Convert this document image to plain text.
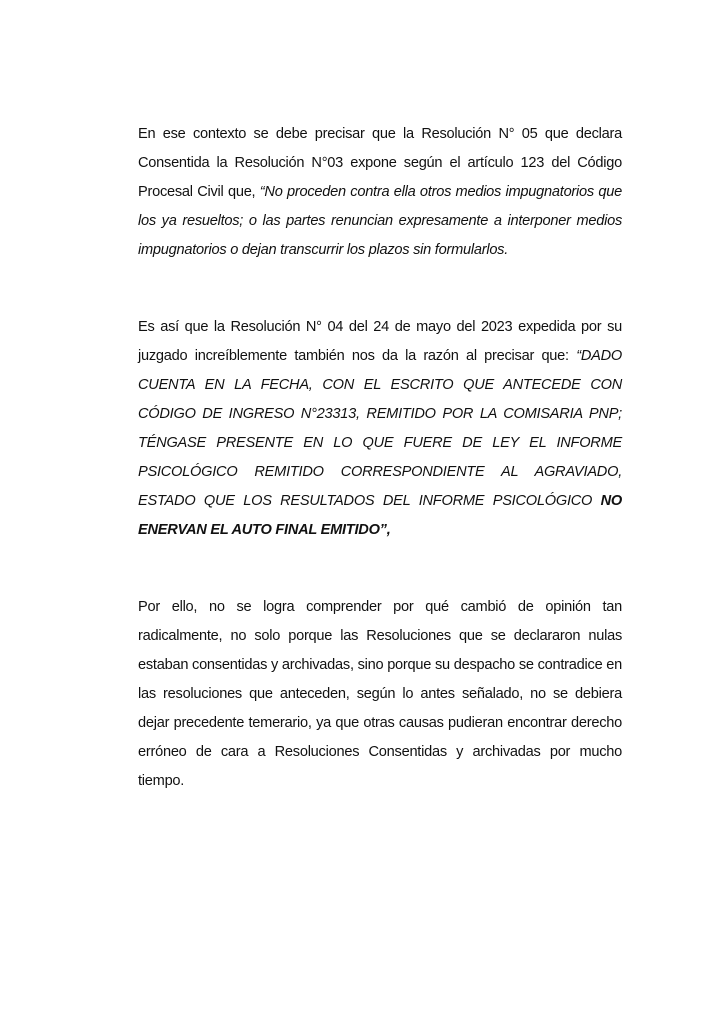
En ese contexto se debe precisar que la Resolución N° 05 que declara Consentida la Resolución N°03 expone según el artículo 123 del Código Procesal Civil que, “No proceden contra ella otros medios impugnatorios que los ya resueltos; o las partes renuncian expresamente a interponer medios impugnatorios o dejan transcurrir los plazos sin formularlos.

Es así que la Resolución N° 04 del 24 de mayo del 2023 expedida por su juzgado increíblemente también nos da la razón al precisar que: “DADO CUENTA EN LA FECHA, CON EL ESCRITO QUE ANTECEDE CON CÓDIGO DE INGRESO N°23313, REMITIDO POR LA COMISARIA PNP; TÉNGASE PRESENTE EN LO QUE FUERE DE LEY EL INFORME PSICOLÓGICO REMITIDO CORRESPONDIENTE AL AGRAVIADO, ESTADO QUE LOS RESULTADOS DEL INFORME PSICOLÓGICO NO ENERVAN EL AUTO FINAL EMITIDO”,

Por ello, no se logra comprender por qué cambió de opinión tan radicalmente, no solo porque las Resoluciones que se declararon nulas estaban consentidas y archivadas, sino porque su despacho se contradice en las resoluciones que anteceden, según lo antes señalado, no se debiera dejar precedente temerario, ya que otras causas pudieran encontrar derecho erróneo de cara a Resoluciones Consentidas y archivadas por mucho tiempo.
